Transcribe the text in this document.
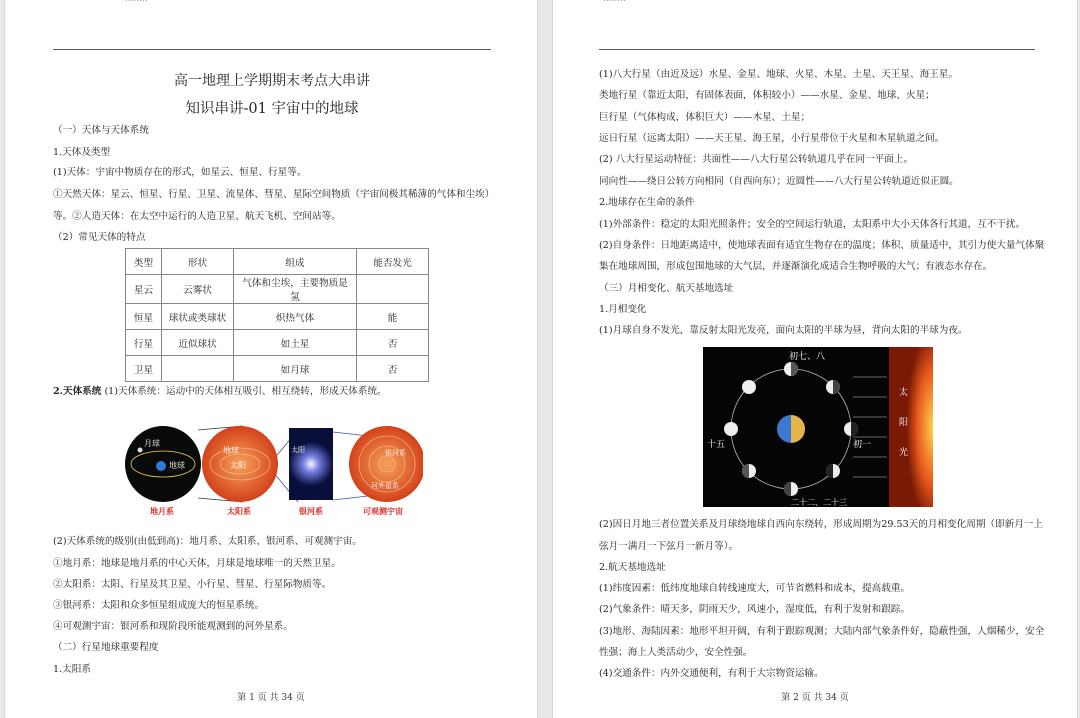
高一地理上学期期末考点大串讲
知识串讲-01 宇宙中的地球
（一）天体与天体系统
1.天体及类型
(1)天体：宇宙中物质存在的形式，如星云、恒星、行星等。
①天然天体：星云、恒星、行星、卫星、流星体、彗星、星际空间物质（宇宙间极其稀薄的气体和尘埃）
等。②人造天体：在太空中运行的人造卫星、航天飞机、空间站等。
（2）常见天体的特点
类型	形状	组成	能否发光
星云	云雾状	气体和尘埃，主要物质是氢	
恒星	球状或类球状	炽热气体	能
行星	近似球状	如土星	否
卫星		如月球	否
2.天体系统 (1)天体系统：运动中的天体相互吸引、相互绕转，形成天体系统。
月球
地球
地球
太阳
太阳	银河系
河外星系
地月系	太阳系	银河系	可观测宇宙
(2)天体系统的级别(由低到高)：地月系、太阳系、银河系、可观测宇宙。
①地月系：地球是地月系的中心天体，月球是地球唯一的天然卫星。
②太阳系：太阳、行星及其卫星、小行星、彗星、行星际物质等。
③银河系：太阳和众多恒星组成庞大的恒星系统。
④可观测宇宙：银河系和现阶段所能观测到的河外星系。
（二）行星地球重要程度
1.太阳系
第 1 页 共 34 页
(1)八大行星（由近及远）水星、金星、地球、火星、木星、土星、天王星、海王星。
类地行星（靠近太阳，有固体表面，体积较小）——水星、金星、地球、火星；
巨行星（气体构成，体积巨大）——木星、土星；
远日行星（远离太阳）——天王星、海王星，小行星带位于火星和木星轨道之间。
(2) 八大行星运动特征：共面性——八大行星公转轨道几乎在同一平面上。
同向性——绕日公转方向相同（自西向东）；近圆性——八大行星公转轨道近似正圆。
2.地球存在生命的条件
(1)外部条件：稳定的太阳光照条件；安全的空间运行轨道，太阳系中大小天体各行其道，互不干扰。
(2)自身条件：日地距离适中，使地球表面有适宜生物存在的温度；体积、质量适中，其引力使大量气体聚
集在地球周围，形成包围地球的大气层，并逐渐演化成适合生物呼吸的大气；有液态水存在。
（三）月相变化、航天基地选址
1.月相变化
(1)月球自身不发光，靠反射太阳光发亮，面向太阳的半球为昼，背向太阳的半球为夜。
初七、八
十五	初一
二十二、二十三
太
阳
光
(2)因日月地三者位置关系及月球绕地球自西向东绕转，形成周期为29.53天的月相变化周期（即新月一上
弦月一满月一下弦月一新月等）。
2.航天基地选址
(1)纬度因素：低纬度地球自转线速度大，可节省燃料和成本，提高载重。
(2)气象条件：晴天多，阴雨天少，风速小，湿度低，有利于发射和跟踪。
(3)地形、海陆因素：地形平坦开阔，有利于跟踪观测；大陆内部气象条件好，隐蔽性强，人烟稀少，安全
性强；海上人类活动少，安全性强。
(4)交通条件：内外交通便利，有利于大宗物资运输。
第 2 页 共 34 页
